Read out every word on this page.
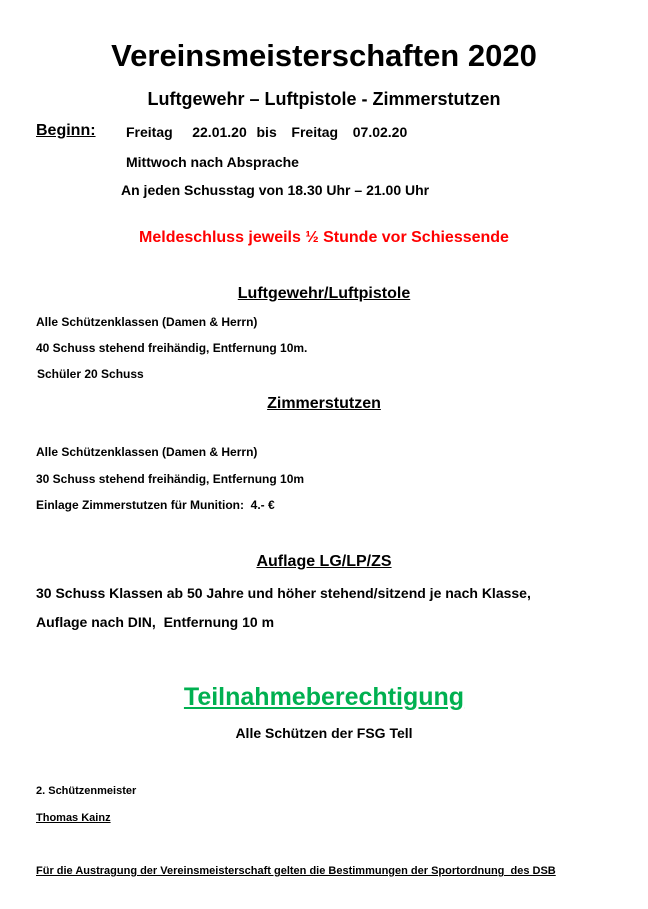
Vereinsmeisterschaften 2020
Luftgewehr – Luftpistole - Zimmerstutzen
Beginn: Freitag    22.01.20  bis   Freitag   07.02.20
Mittwoch nach Absprache
An jeden Schusstag von 18.30 Uhr – 21.00 Uhr
Meldeschluss jeweils ½ Stunde vor Schiessende
Luftgewehr/Luftpistole
Alle Schützenklassen (Damen & Herrn)
40 Schuss stehend freihändig, Entfernung 10m.
Schüler 20 Schuss
Zimmerstutzen
Alle Schützenklassen (Damen & Herrn)
30 Schuss stehend freihändig, Entfernung 10m
Einlage Zimmerstutzen für Munition:  4.- €
Auflage LG/LP/ZS
30 Schuss Klassen ab 50 Jahre und höher stehend/sitzend je nach Klasse,
Auflage nach DIN,  Entfernung 10 m
Teilnahmeberechtigung
Alle Schützen der FSG Tell
2. Schützenmeister
Thomas Kainz
Für die Austragung der Vereinsmeisterschaft gelten die Bestimmungen der Sportordnung  des DSB
